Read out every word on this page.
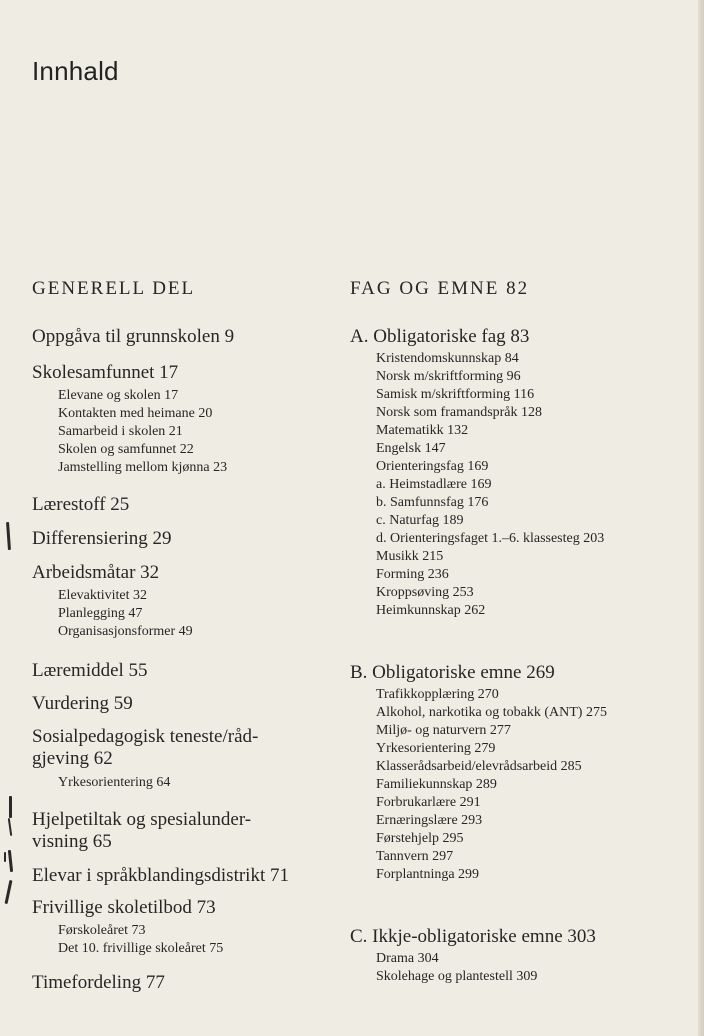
Innhald
GENERELL DEL
Oppgåva til grunnskolen 9
Skolesamfunnet 17
Elevane og skolen 17
Kontakten med heimane 20
Samarbeid i skolen 21
Skolen og samfunnet 22
Jamstelling mellom kjønna 23
Lærestoff 25
Differensiering 29
Arbeidsmåtar 32
Elevaktivitet 32
Planlegging 47
Organisasjonsformer 49
Læremiddel 55
Vurdering 59
Sosialpedagogisk teneste/råd-
gjeving 62
Yrkesorientering 64
Hjelpetiltak og spesialunder-
visning 65
Elevar i språkblandingsdistrikt 71
Frivillige skoletilbod 73
Førskoleåret 73
Det 10. frivillige skoleåret 75
Timefordeling 77
FAG OG EMNE 82
A. Obligatoriske fag 83
Kristendomskunnskap 84
Norsk m/skriftforming 96
Samisk m/skriftforming 116
Norsk som framandspråk 128
Matematikk 132
Engelsk 147
Orienteringsfag 169
a. Heimstadlære 169
b. Samfunnsfag 176
c. Naturfag 189
d. Orienteringsfaget 1.–6. klassesteg 203
Musikk 215
Forming 236
Kroppsøving 253
Heimkunnskap 262
B. Obligatoriske emne 269
Trafikkopplæring 270
Alkohol, narkotika og tobakk (ANT) 275
Miljø- og naturvern 277
Yrkesorientering 279
Klasserådsarbeid/elevrådsarbeid 285
Familiekunnskap 289
Forbrukarlære 291
Ernæringslære 293
Førstehjelp 295
Tannvern 297
Forplantninga 299
C. Ikkje-obligatoriske emne 303
Drama 304
Skolehage og plantestell 309
